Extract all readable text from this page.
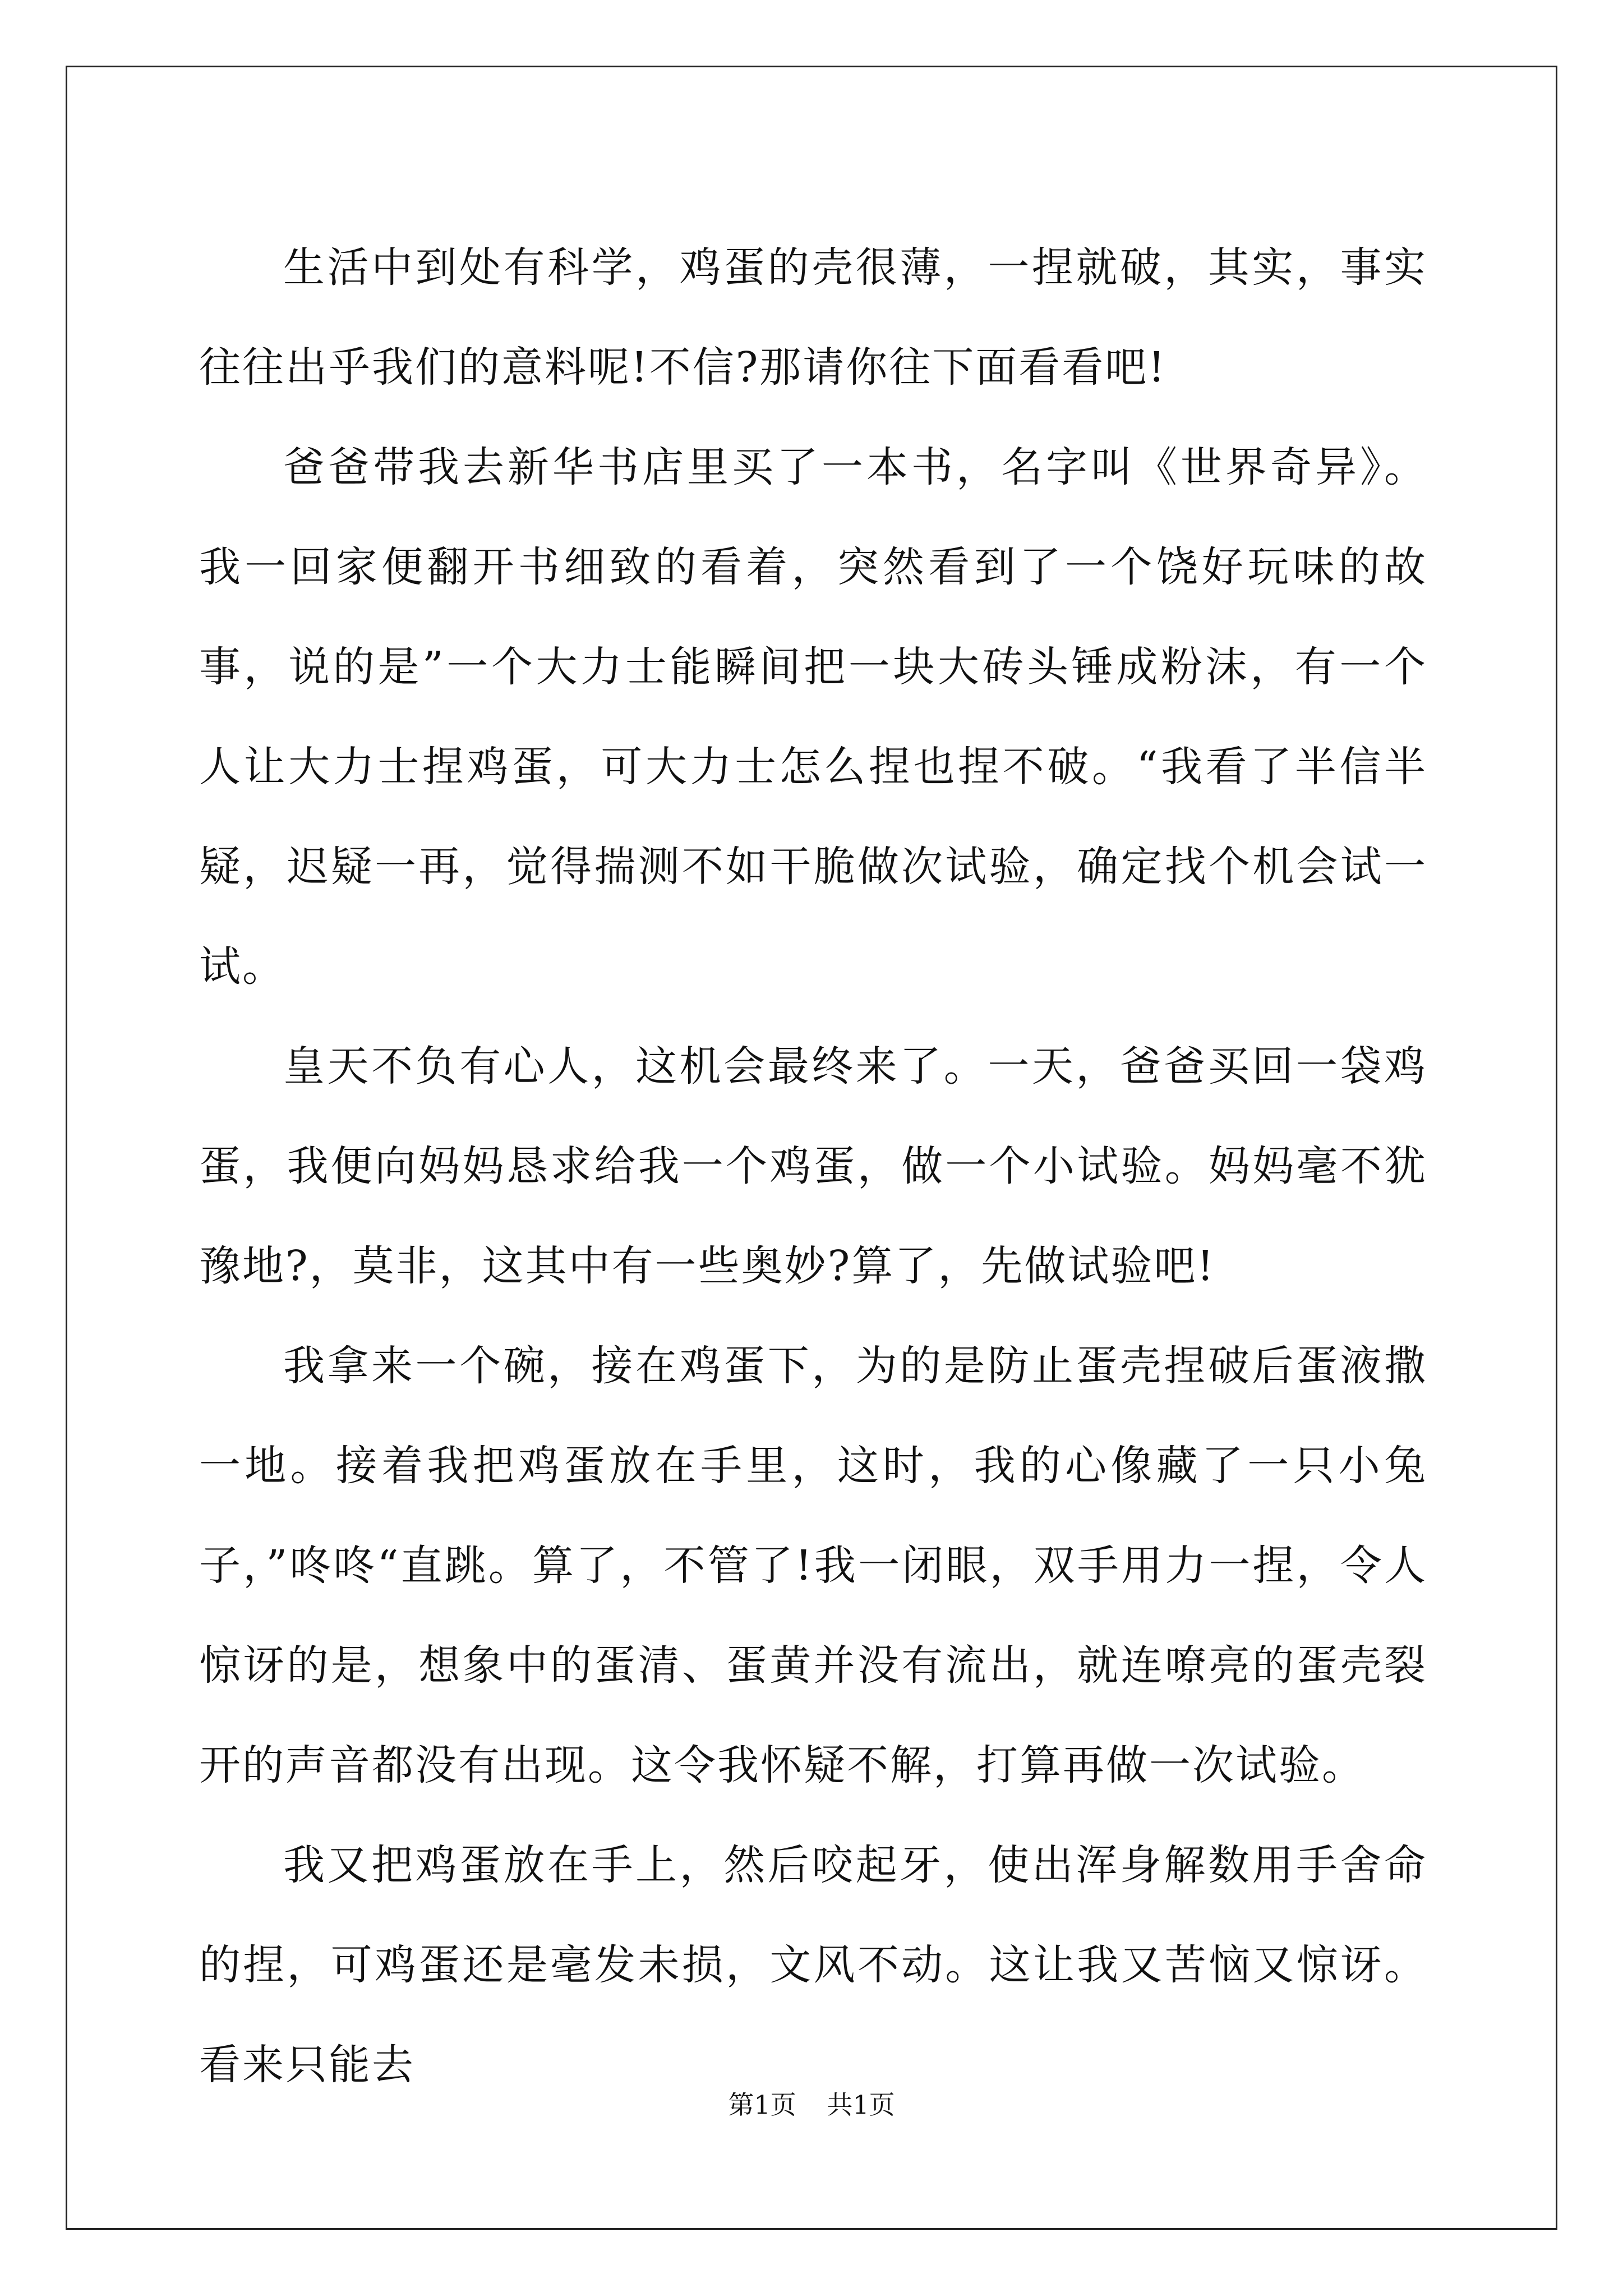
生活中到处有科学，鸡蛋的壳很薄，一捏就破，其实，事实往往出乎我们的意料呢!不信?那请你往下面看看吧!

爸爸带我去新华书店里买了一本书，名字叫《世界奇异》。我一回家便翻开书细致的看着，突然看到了一个饶好玩味的故事，说的是”一个大力士能瞬间把一块大砖头锤成粉沫，有一个人让大力士捏鸡蛋，可大力士怎么捏也捏不破。“我看了半信半疑，迟疑一再，觉得揣测不如干脆做次试验，确定找个机会试一试。

皇天不负有心人，这机会最终来了。一天，爸爸买回一袋鸡蛋，我便向妈妈恳求给我一个鸡蛋，做一个小试验。妈妈毫不犹豫地?，莫非，这其中有一些奥妙?算了，先做试验吧!

我拿来一个碗，接在鸡蛋下，为的是防止蛋壳捏破后蛋液撒一地。接着我把鸡蛋放在手里，这时，我的心像藏了一只小兔子，”咚咚“直跳。算了，不管了!我一闭眼，双手用力一捏，令人惊讶的是，想象中的蛋清、蛋黄并没有流出，就连嘹亮的蛋壳裂开的声音都没有出现。这令我怀疑不解，打算再做一次试验。

我又把鸡蛋放在手上，然后咬起牙，使出浑身解数用手舍命的捏，可鸡蛋还是毫发未损，文风不动。这让我又苦恼又惊讶。看来只能去

第1页 共1页
